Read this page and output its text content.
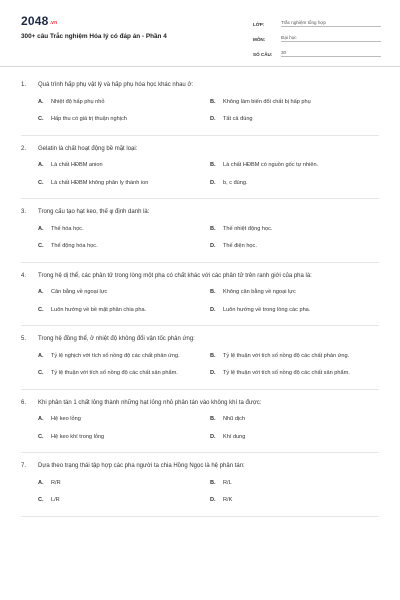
2048.vn
300+ câu Trắc nghiệm Hóa lý có đáp án - Phần 4
LỚP:	Trắc nghiệm tổng hợp
MÔN:	Đại học
SỐ CÂU:	30
1.	Quá trình hấp phụ vật lý và hấp phụ hóa học khác nhau ở:
A.	Nhiệt độ hấp phụ nhỏ	B.	Không làm biến đổi chất bị hấp phụ
C.	Hấp thu có giá trị thuận nghịch	D.	Tất cả đúng
2.	Gelatin là chất hoạt động bề mặt loại:
A.	Là chất HĐBM anion	B.	Là chất HĐBM có nguồn gốc tự nhiên.
C.	Là chất HĐBM không phân ly thành ion	D.	b, c đúng.
3.	Trong cấu tạo hạt keo, thế φ định danh là:
A.	Thế hóa học.	B.	Thế nhiệt động học.
C.	Thế động hóa học.	D.	Thế điện học.
4.	Trong hệ dị thể, các phân tử trong lòng một pha có chất khác với các phân tử trên ranh giới của pha là:
A.	Cân bằng về ngoại lực	B.	Không cân bằng về ngoại lực
C.	Luôn hướng về bề mặt phân chia pha.	D.	Luôn hướng về trong lòng các pha.
5.	Trong hệ đồng thể, ở nhiệt độ không đổi vận tốc phản ứng:
A.	Tỷ lệ nghịch với tích số nồng độ các chất phản ứng.	B.	Tỷ lệ thuận với tích số nồng độ các chất phản ứng.
C.	Tỷ lệ thuận với tích số nồng độ các chất sản phẩm.	D.	Tỷ lệ thuận với tích số nồng độ các chất sản phẩm.
6.	Khi phân tán 1 chất lỏng thành những hạt lỏng nhỏ phân tán vào không khí ta được:
A.	Hệ keo lỏng	B.	Nhũ dịch
C.	Hệ keo khí trong lỏng	D.	Khí dung
7.	Dựa theo trạng thái tập hợp các pha người ta chia Hồng Ngọc là hệ phân tán:
A.	R/R	B.	R/L
C.	L/R	D.	R/K
